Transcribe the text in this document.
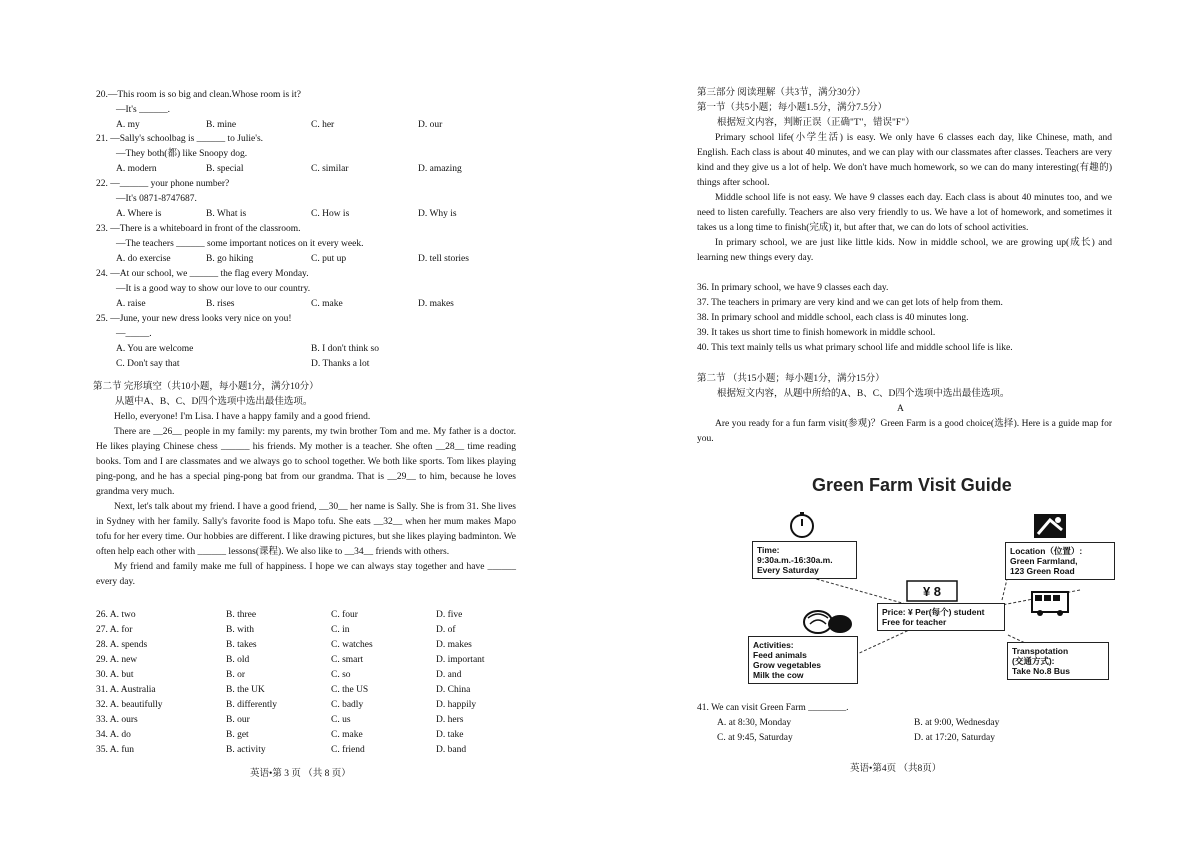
20.—This room is so big and clean.Whose room is it?
—It's ______.
A. my	B. mine	C. her	D. our
21. —Sally's schoolbag is ______ to Julie's.
—They both(都) like Snoopy dog.
A. modern	B. special	C. similar	D. amazing
22. —______ your phone number?
—It's 0871-8747687.
A. Where is	B. What is	C. How is	D. Why is
23. —There is a whiteboard in front of the classroom.
—The teachers ______ some important notices on it every week.
A. do exercise	B. go hiking	C. put up	D. tell stories
24. —At our school, we ______ the flag every Monday.
—It is a good way to show our love to our country.
A. raise	B. rises	C. make	D. makes
25. —June, your new dress looks very nice on you!
—_____.
A. You are welcome	B. I don't think so
C. Don't say that	D. Thanks a lot
第二节 完形填空（共10小题，每小题1分，满分10分）
从题中A、B、C、D四个选项中选出最佳选项。

Hello, everyone! I'm Lisa. I have a happy family and a good friend.

There are __26__ people in my family: my parents, my twin brother Tom and me. My father is a doctor. He likes playing Chinese chess ______ his friends. My mother is a teacher. She often __28__ time reading books. Tom and I are classmates and we always go to school together. We both like sports. Tom likes playing ping-pong, and he has a special ping-pong bat from our grandma. That is __29__ to him, because he loves grandma very much.

Next, let's talk about my friend. I have a good friend, __30__ her name is Sally. She is from 31. She lives in Sydney with her family. Sally's favorite food is Mapo tofu. She eats __32__ when her mum makes Mapo tofu for her every time. Our hobbies are different. I like drawing pictures, but she likes playing badminton. We often help each other with ______ lessons(课程). We also like to __34__ friends with others.

My friend and family make me full of happiness. I hope we can always stay together and have ______ every day.

26. A. two	B. three	C. four	D. five
27. A. for	B. with	C. in	D. of
28. A. spends	B. takes	C. watches	D. makes
29. A. new	B. old	C. smart	D. important
30. A. but	B. or	C. so	D. and
31. A. Australia	B. the UK	C. the US	D. China
32. A. beautifully	B. differently	C. badly	D. happily
33. A. ours	B. our	C. us	D. hers
34. A. do	B. get	C. make	D. take
35. A. fun	B. activity	C. friend	D. band
英语•第 3 页 （共 8 页）
第三部分 阅读理解（共3节，满分30分）
第一节（共5小题；每小题1.5分，满分7.5分）
根据短文内容，判断正误（正确"T"，错误"F"）

Primary school life(小学生活) is easy. We only have 6 classes each day, like Chinese, math, and English. Each class is about 40 minutes, and we can play with our classmates after classes. Teachers are very kind and they give us a lot of help. We don't have much homework, so we can do many interesting(有趣的) things after school.

Middle school life is not easy. We have 9 classes each day. Each class is about 40 minutes too, and we need to listen carefully. Teachers are also very friendly to us. We have a lot of homework, and sometimes it takes us a long time to finish(完成) it, but after that, we can do lots of school activities.

In primary school, we are just like little kids. Now in middle school, we are growing up(成长) and learning new things every day.

36. In primary school, we have 9 classes each day.
37. The teachers in primary are very kind and we can get lots of help from them.
38. In primary school and middle school, each class is 40 minutes long.
39. It takes us short time to finish homework in middle school.
40. This text mainly tells us what primary school life and middle school life is like.
第二节 （共15小题；每小题1分，满分15分）
根据短文内容，从题中所给的A、B、C、D四个选项中选出最佳选项。
A

Are you ready for a fun farm visit(参观)？Green Farm is a good choice(选择). Here is a guide map for you.

Green Farm Visit Guide
Time:
9:30a.m.-16:30a.m.
Every Saturday
Location（位置）:
Green Farmland,
123 Green Road
¥ 8
Price: ¥ Per(每个) student
Free for teacher
Activities:
Feed animals
Grow vegetables
Milk the cow
Transpotation
(交通方式):
Take No.8 Bus
41. We can visit Green Farm ________.
A. at 8:30, Monday	B. at 9:00, Wednesday
C. at 9:45, Saturday	D. at 17:20, Saturday
英语•第4页 （共8页）
